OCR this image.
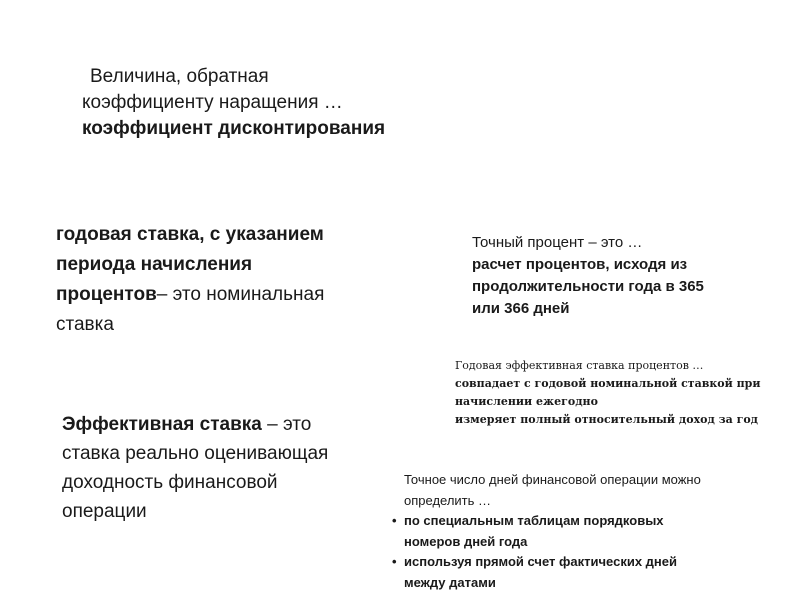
Величина, обратная
коэффициенту наращения …
коэффициент дисконтирования
годовая ставка, с указанием
периода начисления
процентов– это номинальная
ставка
Точный процент – это …
расчет процентов, исходя из
продолжительности года в 365
или 366 дней
Годовая эффективная ставка процентов …
совпадает с годовой номинальной ставкой при
начислении ежегодно
измеряет полный относительный доход за год
Эффективная ставка – это
ставка реально оценивающая
доходность финансовой
операции
Точное число дней финансовой операции можно
определить …
• по специальным таблицам порядковых
номеров дней года
• используя прямой счет фактических дней
между датами
